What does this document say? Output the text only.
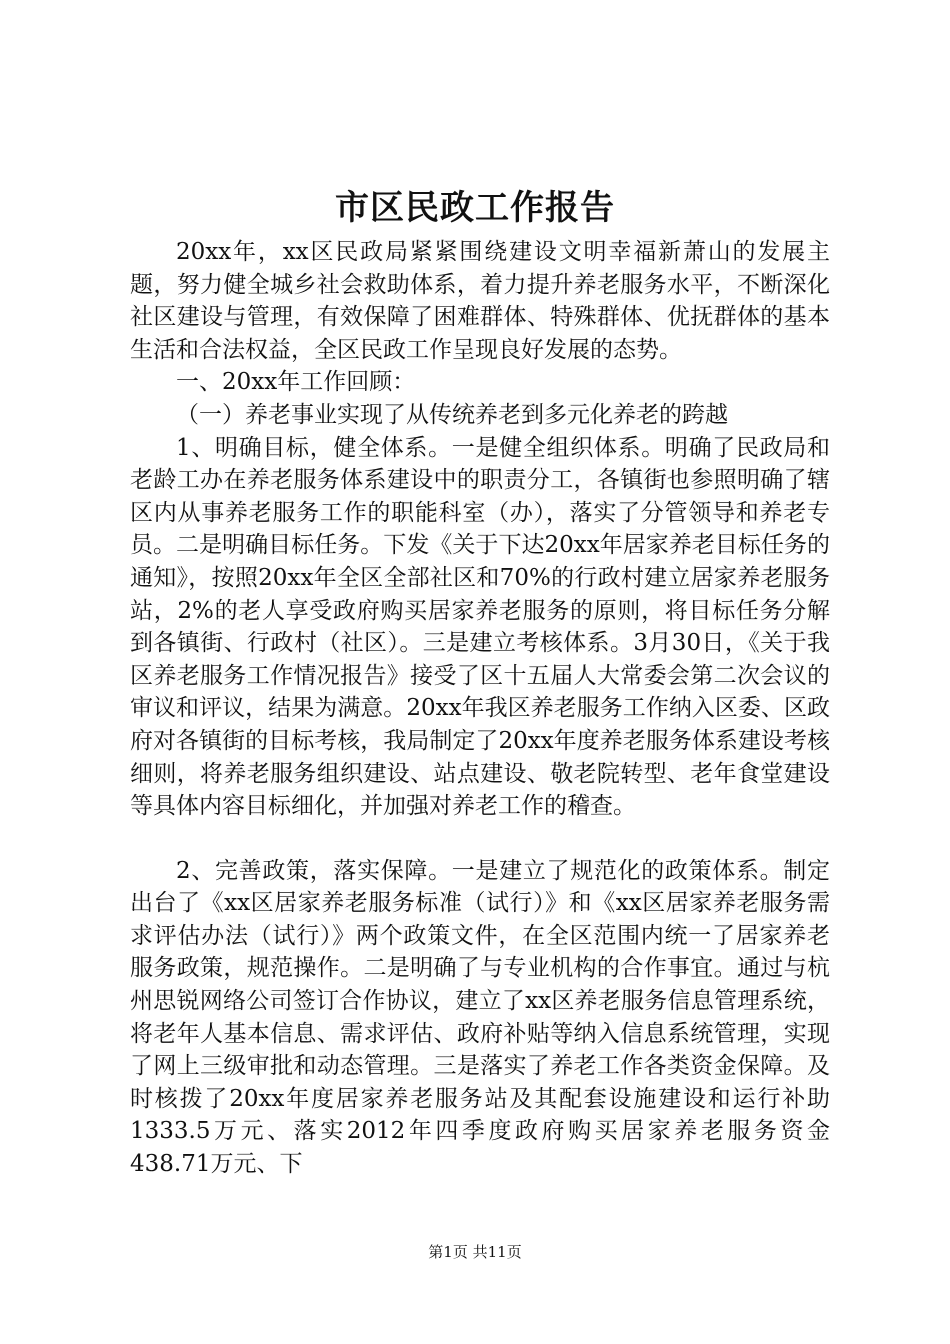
市区民政工作报告

20xx年，xx区民政局紧紧围绕建设文明幸福新萧山的发展主题，努力健全城乡社会救助体系，着力提升养老服务水平，不断深化社区建设与管理，有效保障了困难群体、特殊群体、优抚群体的基本生活和合法权益，全区民政工作呈现良好发展的态势。

一、20xx年工作回顾：

（一）养老事业实现了从传统养老到多元化养老的跨越

1、明确目标，健全体系。一是健全组织体系。明确了民政局和老龄工办在养老服务体系建设中的职责分工，各镇街也参照明确了辖区内从事养老服务工作的职能科室（办），落实了分管领导和养老专员。二是明确目标任务。下发《关于下达20xx年居家养老目标任务的通知》，按照20xx年全区全部社区和70%的行政村建立居家养老服务站，2%的老人享受政府购买居家养老服务的原则，将目标任务分解到各镇街、行政村（社区）。三是建立考核体系。3月30日，《关于我区养老服务工作情况报告》接受了区十五届人大常委会第二次会议的审议和评议，结果为满意。20xx年我区养老服务工作纳入区委、区政府对各镇街的目标考核，我局制定了20xx年度养老服务体系建设考核细则，将养老服务组织建设、站点建设、敬老院转型、老年食堂建设等具体内容目标细化，并加强对养老工作的稽查。

2、完善政策，落实保障。一是建立了规范化的政策体系。制定出台了《xx区居家养老服务标准（试行）》和《xx区居家养老服务需求评估办法（试行）》两个政策文件，在全区范围内统一了居家养老服务政策，规范操作。二是明确了与专业机构的合作事宜。通过与杭州思锐网络公司签订合作协议，建立了xx区养老服务信息管理系统，将老年人基本信息、需求评估、政府补贴等纳入信息系统管理，实现了网上三级审批和动态管理。三是落实了养老工作各类资金保障。及时核拨了20xx年度居家养老服务站及其配套设施建设和运行补助1333.5万元、落实2012年四季度政府购买居家养老服务资金438.71万元、下

第1页 共11页
